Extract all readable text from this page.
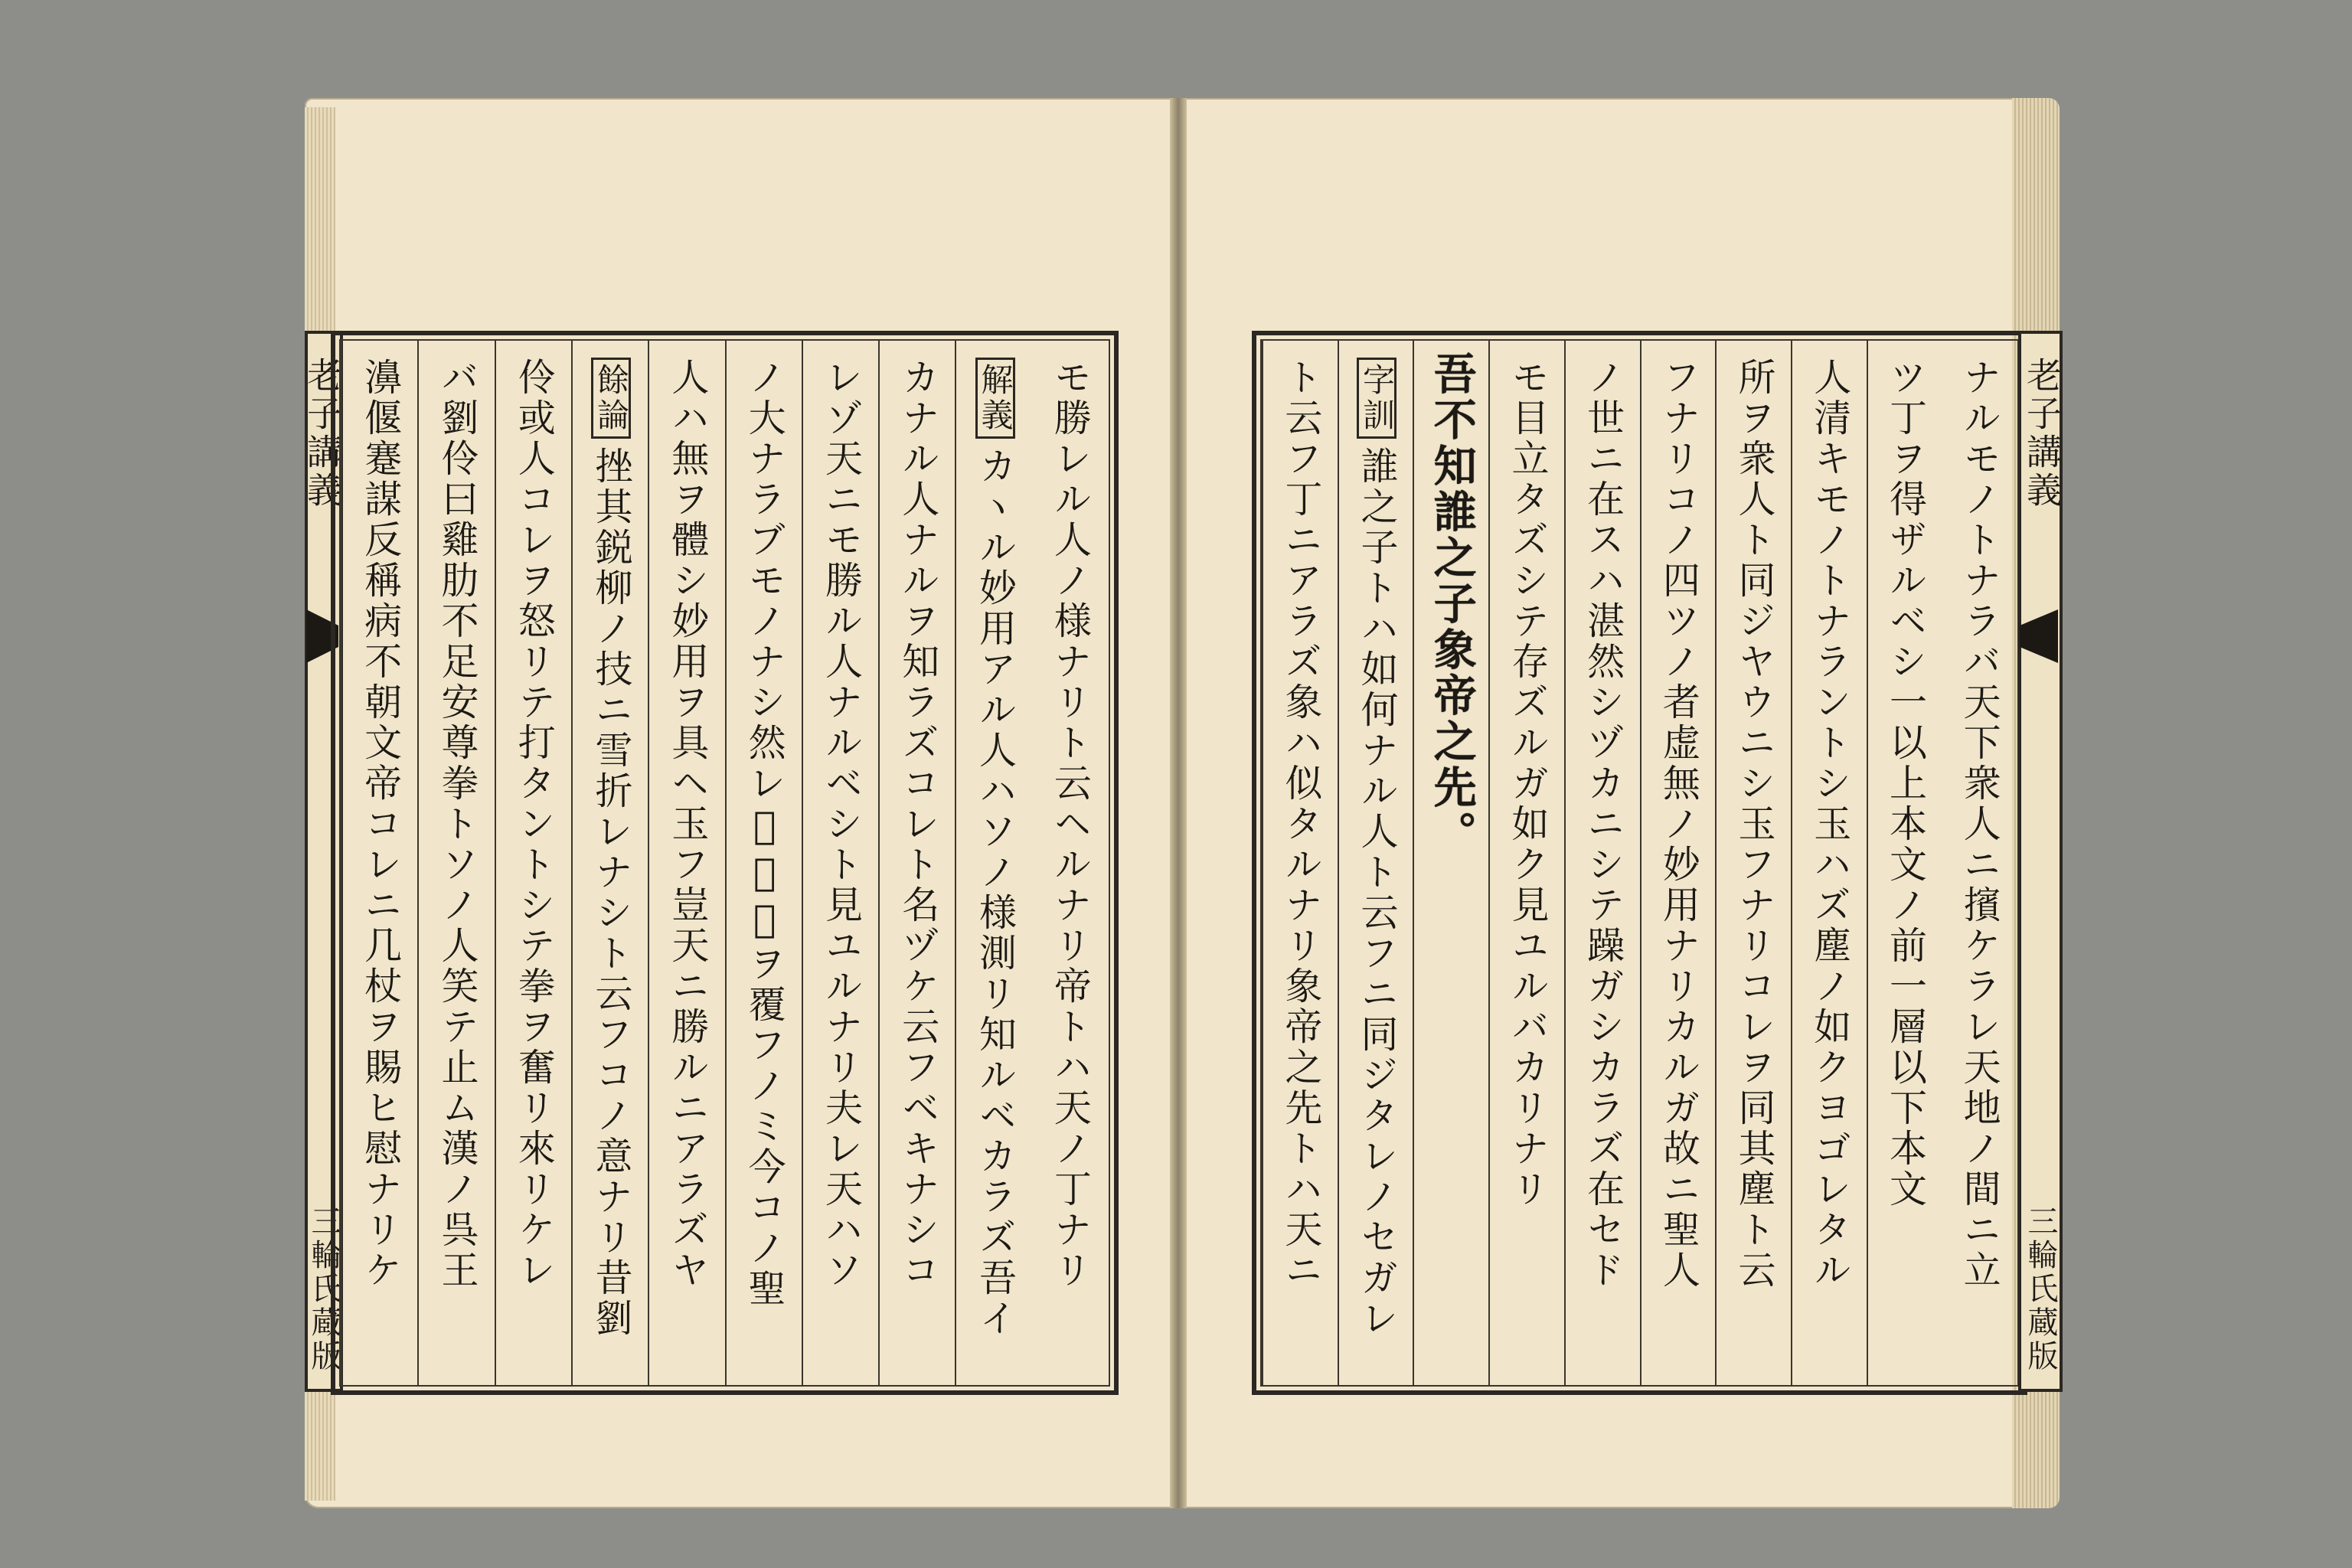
老子講義
三輪氏蔵版	モ勝レル人ノ様ナリト云ヘルナリ帝トハ天ノ丁ナリ
解義カヽル妙用アル人ハソノ様測リ知ルベカラズ吾イ
カナル人ナルヲ知ラズコレト名ヅケ云フベキナシコ
レゾ天ニモ勝ル人ナルベシト見ユルナリ夫レ天ハソ
ノ大ナラブモノナシ然レ𪜈万物ヲ覆フノミ今コノ聖
人ハ無ヲ體シ妙用ヲ具ヘ玉フ豈天ニ勝ルニアラズヤ
餘論挫其鋭柳ノ技ニ雪折レナシト云フコノ意ナリ昔劉
伶或人コレヲ怒リテ打タントシテ拳ヲ奮リ來リケレ
バ劉伶曰雞肋不足安尊拳トソノ人笑テ止ム漢ノ呉王
濞偃蹇謀反稱病不朝文帝コレニ几杖ヲ賜ヒ慰ナリケ	ナルモノトナラバ天下衆人ニ擯ケラレ天地ノ間ニ立
ツ丁ヲ得ザルベシ一以上本文ノ前一層以下本文
人清キモノトナラントシ玉ハズ塵ノ如クヨゴレタル
所ヲ衆人ト同ジヤウニシ玉フナリコレヲ同其塵ト云
フナリコノ四ツノ者虚無ノ妙用ナリカルガ故ニ聖人
ノ世ニ在スハ湛然シヅカニシテ躁ガシカラズ在セド
モ目立タズシテ存ズルガ如ク見ユルバカリナリ
吾不知誰之子象帝之先。
字訓誰之子トハ如何ナル人ト云フニ同ジタレノセガレ
ト云フ丁ニアラズ象ハ似タルナリ象帝之先トハ天ニ	老子講義
三輪氏蔵版
